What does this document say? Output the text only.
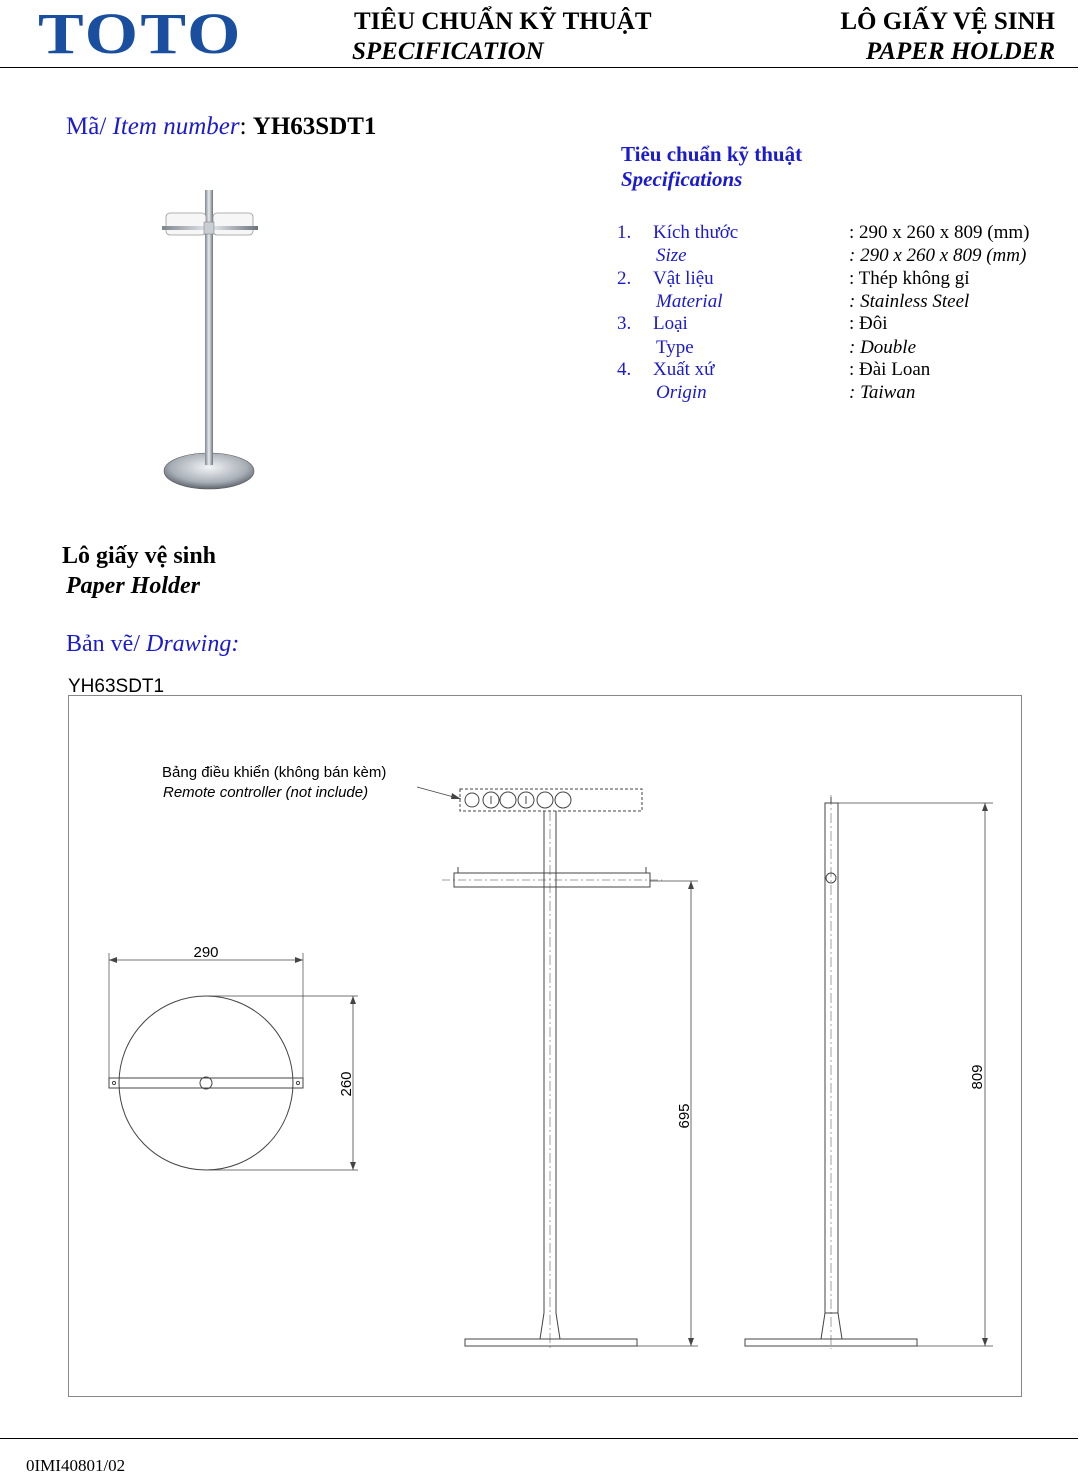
TOTO	TIÊU CHUẨN KỸ THUẬT
SPECIFICATION
LÔ GIẤY VỆ SINH
PAPER HOLDER
Mã/ Item number: YH63SDT1
Tiêu chuẩn kỹ thuật
Specifications
1. Kích thước
Size
: 290 x 260 x 809 (mm)
: 290 x 260 x 809 (mm)
2. Vật liệu
Material
: Thép không gỉ
: Stainless Steel
3. Loại
Type
: Đôi
: Double
4. Xuất xứ
Origin
: Đài Loan
: Taiwan
Lô giấy vệ sinh
Paper Holder
Bản vẽ/ Drawing:
YH63SDT1
Bảng điều khiển (không bán kèm)
Remote controller (not include)
290
260
695
809
0IMI40801/02
